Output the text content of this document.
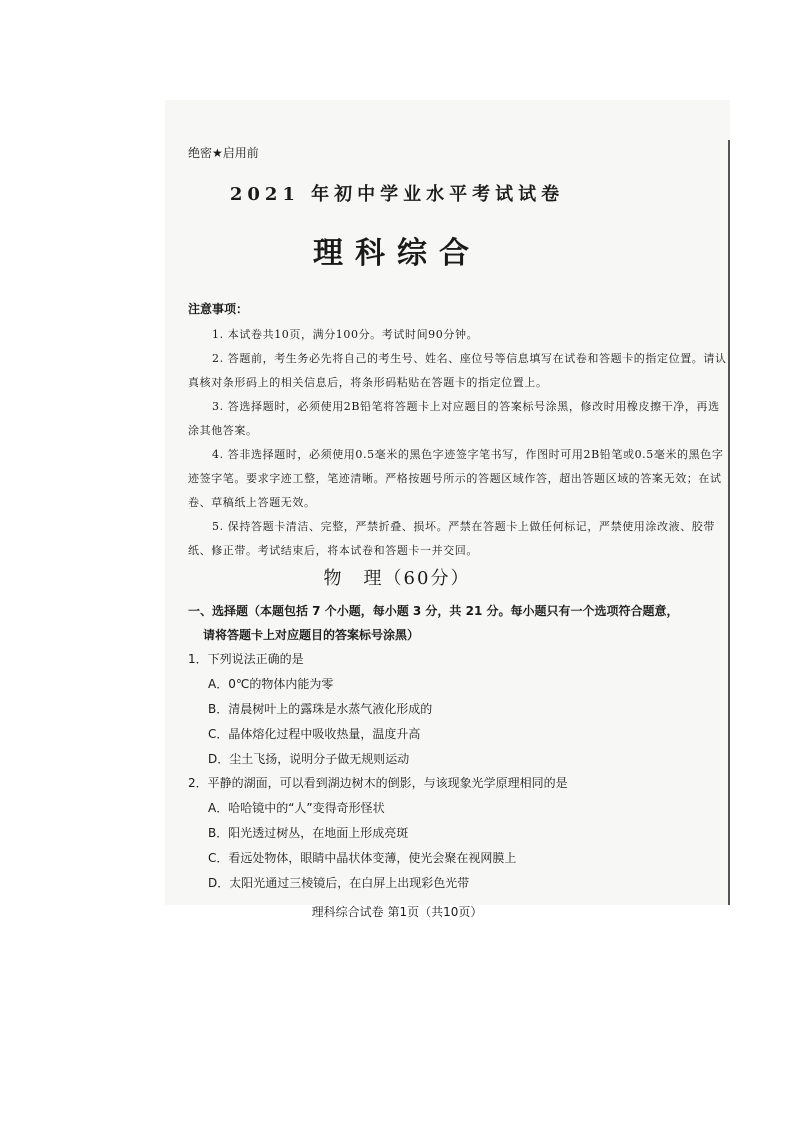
绝密★启用前
2021 年初中学业水平考试试卷
理科综合
注意事项：
1. 本试卷共10页，满分100分。考试时间90分钟。
2. 答题前，考生务必先将自己的考生号、姓名、座位号等信息填写在试卷和答题卡的指定位置。请认真核对条形码上的相关信息后，将条形码粘贴在答题卡的指定位置上。
3. 答选择题时，必须使用2B铅笔将答题卡上对应题目的答案标号涂黑，修改时用橡皮擦干净，再选涂其他答案。
4. 答非选择题时，必须使用0.5毫米的黑色字迹签字笔书写，作图时可用2B铅笔或0.5毫米的黑色字迹签字笔。要求字迹工整，笔迹清晰。严格按题号所示的答题区域作答，超出答题区域的答案无效；在试卷、草稿纸上答题无效。
5. 保持答题卡清洁、完整，严禁折叠、损坏。严禁在答题卡上做任何标记，严禁使用涂改液、胶带纸、修正带。考试结束后，将本试卷和答题卡一并交回。
物　理（60分）
一、选择题（本题包括 7 个小题，每小题 3 分，共 21 分。每小题只有一个选项符合题意，
请将答题卡上对应题目的答案标号涂黑）
1．下列说法正确的是
A．0℃的物体内能为零
B．清晨树叶上的露珠是水蒸气液化形成的
C．晶体熔化过程中吸收热量，温度升高
D．尘土飞扬，说明分子做无规则运动
2．平静的湖面，可以看到湖边树木的倒影，与该现象光学原理相同的是
A．哈哈镜中的“人”变得奇形怪状
B．阳光透过树丛，在地面上形成亮斑
C．看远处物体，眼睛中晶状体变薄，使光会聚在视网膜上
D．太阳光通过三棱镜后，在白屏上出现彩色光带
理科综合试卷 第1页（共10页）
